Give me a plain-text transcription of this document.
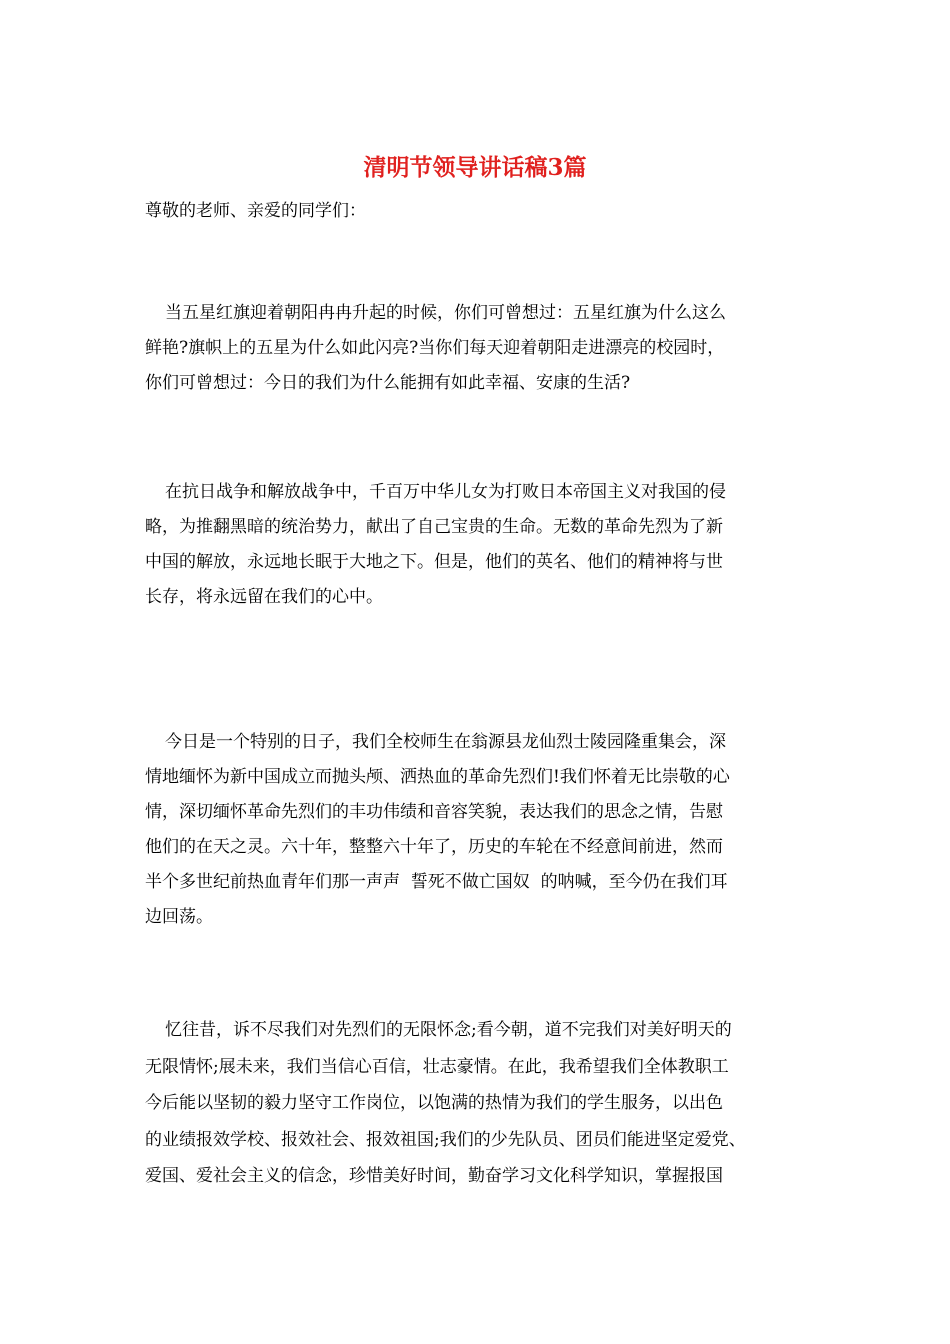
清明节领导讲话稿3篇
尊敬的老师、亲爱的同学们：
当五星红旗迎着朝阳冉冉升起的时候，你们可曾想过：五星红旗为什么这么
鲜艳?旗帜上的五星为什么如此闪亮?当你们每天迎着朝阳走进漂亮的校园时，
你们可曾想过：今日的我们为什么能拥有如此幸福、安康的生活?
在抗日战争和解放战争中，千百万中华儿女为打败日本帝国主义对我国的侵
略，为推翻黑暗的统治势力，献出了自己宝贵的生命。无数的革命先烈为了新
中国的解放，永远地长眠于大地之下。但是，他们的英名、他们的精神将与世
长存，将永远留在我们的心中。
今日是一个特别的日子，我们全校师生在翁源县龙仙烈士陵园隆重集会，深
情地缅怀为新中国成立而抛头颅、洒热血的革命先烈们!我们怀着无比崇敬的心
情，深切缅怀革命先烈们的丰功伟绩和音容笑貌，表达我们的思念之情，告慰
他们的在天之灵。六十年，整整六十年了，历史的车轮在不经意间前进，然而
半个多世纪前热血青年们那一声声  誓死不做亡国奴  的呐喊，至今仍在我们耳
边回荡。
忆往昔，诉不尽我们对先烈们的无限怀念;看今朝，道不完我们对美好明天的
无限情怀;展未来，我们当信心百信，壮志豪情。在此，我希望我们全体教职工
今后能以坚韧的毅力坚守工作岗位，以饱满的热情为我们的学生服务，以出色
的业绩报效学校、报效社会、报效祖国;我们的少先队员、团员们能进坚定爱党、
爱国、爱社会主义的信念，珍惜美好时间，勤奋学习文化科学知识，掌握报国
